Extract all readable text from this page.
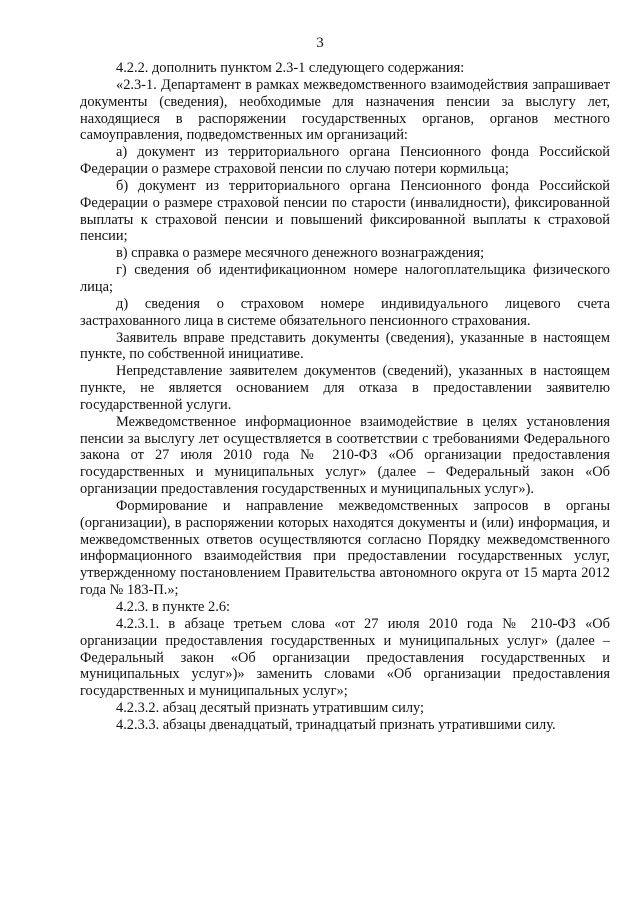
3

4.2.2. дополнить пунктом 2.3-1 следующего содержания:

«2.3-1. Департамент в рамках межведомственного взаимодействия запрашивает документы (сведения), необходимые для назначения пенсии за выслугу лет, находящиеся в распоряжении государственных органов, органов местного самоуправления, подведомственных им организаций:

а) документ из территориального органа Пенсионного фонда Российской Федерации о размере страховой пенсии по случаю потери кормильца;

б) документ из территориального органа Пенсионного фонда Российской Федерации о размере страховой пенсии по старости (инвалидности), фиксированной выплаты к страховой пенсии и повышений фиксированной выплаты к страховой пенсии;

в) справка о размере месячного денежного вознаграждения;

г) сведения об идентификационном номере налогоплательщика физического лица;

д) сведения о страховом номере индивидуального лицевого счета застрахованного лица в системе обязательного пенсионного страхования.

Заявитель вправе представить документы (сведения), указанные в настоящем пункте, по собственной инициативе.

Непредставление заявителем документов (сведений), указанных в настоящем пункте, не является основанием для отказа в предоставлении заявителю государственной услуги.

Межведомственное информационное взаимодействие в целях установления пенсии за выслугу лет осуществляется в соответствии с требованиями Федерального закона от 27 июля 2010 года № 210-ФЗ «Об организации предоставления государственных и муниципальных услуг» (далее – Федеральный закон «Об организации предоставления государственных и муниципальных услуг»).

Формирование и направление межведомственных запросов в органы (организации), в распоряжении которых находятся документы и (или) информация, и межведомственных ответов осуществляются согласно Порядку межведомственного информационного взаимодействия при предоставлении государственных услуг, утвержденному постановлением Правительства автономного округа от 15 марта 2012 года № 183-П.»;

4.2.3. в пункте 2.6:

4.2.3.1. в абзаце третьем слова «от 27 июля 2010 года № 210-ФЗ «Об организации предоставления государственных и муниципальных услуг» (далее – Федеральный закон «Об организации предоставления государственных и муниципальных услуг»)» заменить словами «Об организации предоставления государственных и муниципальных услуг»;

4.2.3.2. абзац десятый признать утратившим силу;

4.2.3.3. абзацы двенадцатый, тринадцатый признать утратившими силу.
